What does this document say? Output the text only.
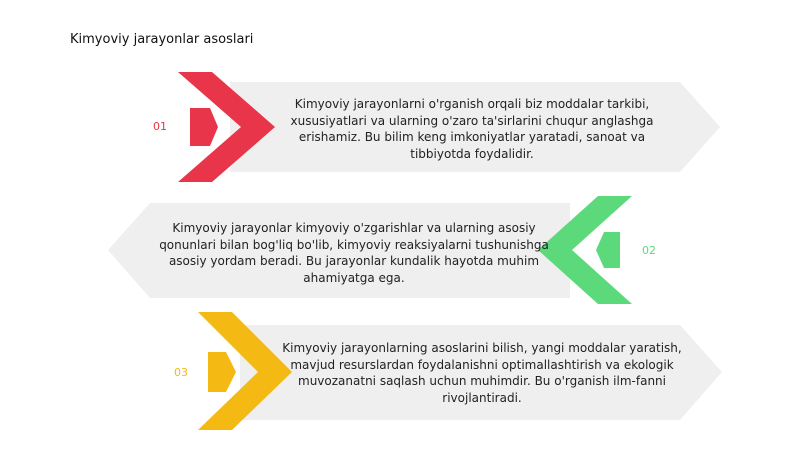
Kimyoviy jarayonlar asoslari
01
Kimyoviy jarayonlarni o'rganish orqali biz moddalar tarkibi, xususiyatlari va ularning o'zaro ta'sirlarini chuqur anglashga erishamiz. Bu bilim keng imkoniyatlar yaratadi, sanoat va tibbiyotda foydalidir.
02
Kimyoviy jarayonlar kimyoviy o'zgarishlar va ularning asosiy qonunlari bilan bog'liq bo'lib, kimyoviy reaksiyalarni tushunishga asosiy yordam beradi. Bu jarayonlar kundalik hayotda muhim ahamiyatga ega.
03
Kimyoviy jarayonlarning asoslarini bilish, yangi moddalar yaratish, mavjud resurslardan foydalanishni optimallashtirish va ekologik muvozanatni saqlash uchun muhimdir. Bu o'rganish ilm-fanni rivojlantiradi.
